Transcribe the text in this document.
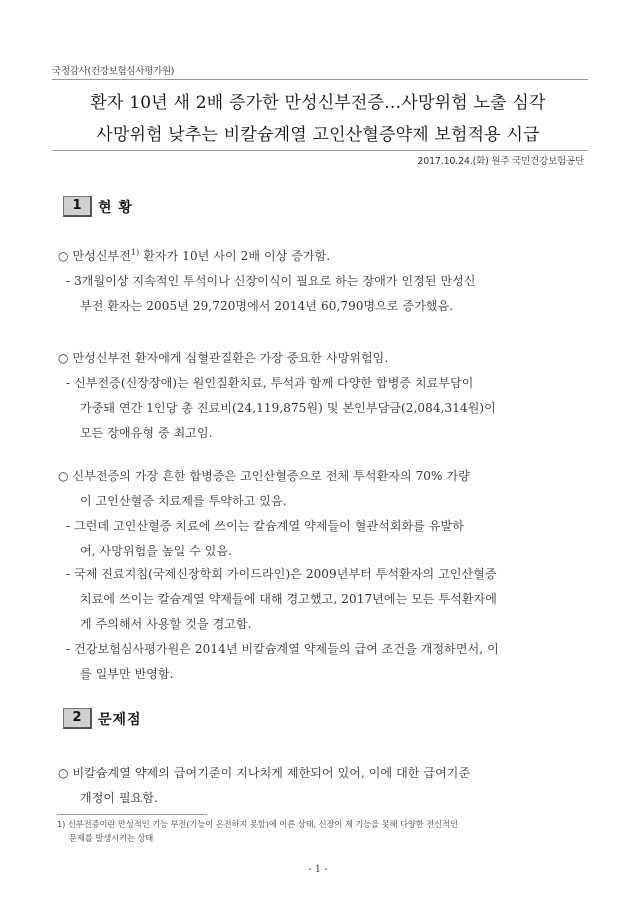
국정감사(건강보험심사평가원)
환자 10년 새 2배 증가한 만성신부전증…사망위험 노출 심각
사망위험 낮추는 비칼슘계열 고인산혈증약제 보험적용 시급
2017.10.24.(화) 원주 국민건강보험공단
1	현 황
○ 만성신부전$^{1)}$ 환자가 10년 사이 2배 이상 증가함.
- 3개월이상 지속적인 투석이나 신장이식이 필요로 하는 장애가 인정된 만성신
부전 환자는 2005년 29,720명에서 2014년 60,790명으로 증가했음.
○ 만성신부전 환자에게 심혈관질환은 가장 중요한 사망위험임.
- 신부전증(신장장애)는 원인질환치료, 투석과 함께 다양한 합병증 치료부담이
가중돼 연간 1인당 총 진료비(24,119,875원) 및 본인부담금(2,084,314원)이
모든 장애유형 중 최고임.
○ 신부전증의 가장 흔한 합병증은 고인산혈증으로 전체 투석환자의 70% 가량
이 고인산혈증 치료제를 투약하고 있음.
- 그런데 고인산혈증 치료에 쓰이는 칼슘계열 약제들이 혈관석회화를 유발하
여, 사망위험을 높일 수 있음.
- 국제 진료지침(국제신장학회 가이드라인)은 2009년부터 투석환자의 고인산혈증
치료에 쓰이는 칼슘계열 약제들에 대해 경고했고, 2017년에는 모든 투석환자에
게 주의해서 사용할 것을 경고함.
- 건강보험심사평가원은 2014년 비칼슘계열 약제들의 급여 조건을 개정하면서, 이
를 일부만 반영함.
2	문제점
○ 비칼슘계열 약제의 급여기준이 지나치게 제한되어 있어, 이에 대한 급여기준
개정이 필요함.
1) 신부전증이란 만성적인 기능 부전(기능이 온전하지 못함)에 이른 상태, 신장이 제 기능을 못해 다양한 전신적인
문제를 발생시키는 상태
- 1 -
